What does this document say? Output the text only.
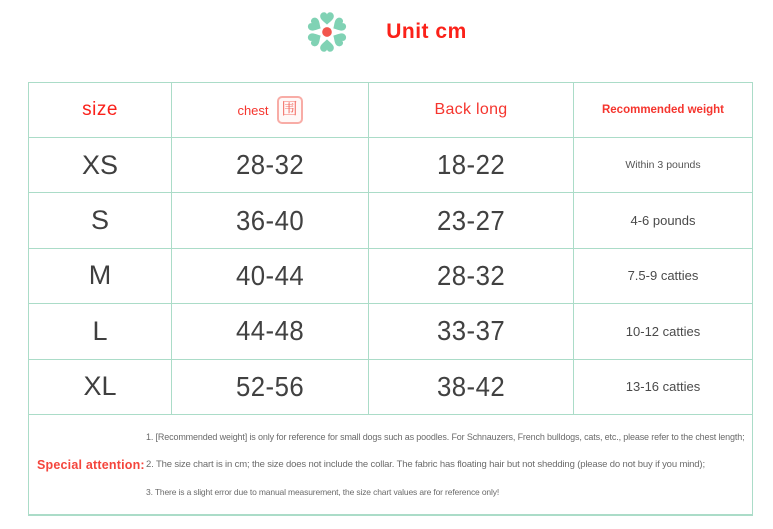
Unit cm
size	chest 围	Back long	Recommended weight
XS	28-32	18-22	Within 3 pounds
S	36-40	23-27	4-6 pounds
M	40-44	28-32	7.5-9 catties
L	44-48	33-37	10-12 catties
XL	52-56	38-42	13-16 catties
Special attention:
1. [Recommended weight] is only for reference for small dogs such as poodles. For Schnauzers, French bulldogs, cats, etc., please refer to the chest length;
2. The size chart is in cm; the size does not include the collar. The fabric has floating hair but not shedding (please do not buy if you mind);
3. There is a slight error due to manual measurement, the size chart values are for reference only!
